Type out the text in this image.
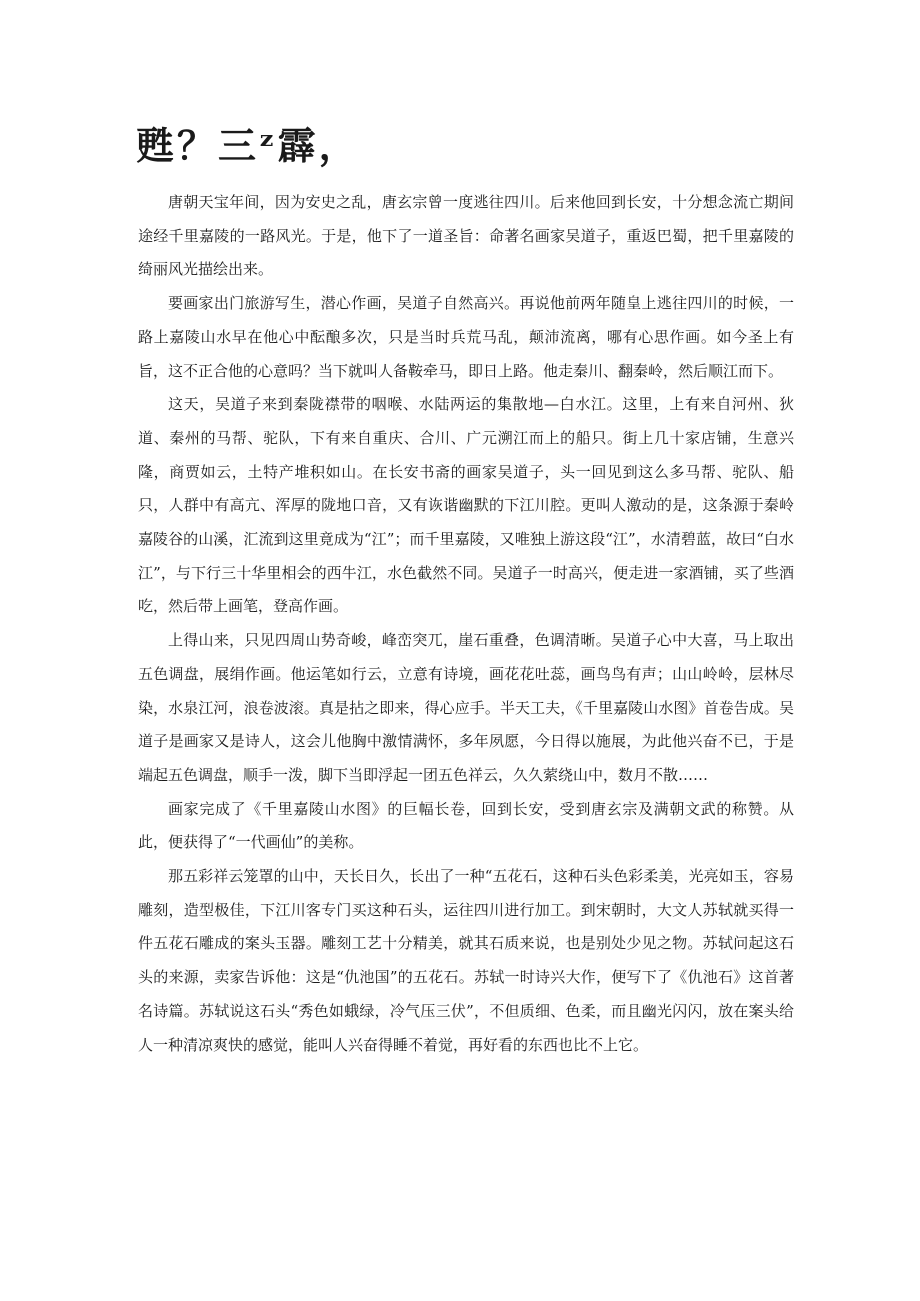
甦？三ᶻ霹，

唐朝天宝年间，因为安史之乱，唐玄宗曾一度逃往四川。后来他回到长安，十分想念流亡期间途经千里嘉陵的一路风光。于是，他下了一道圣旨：命著名画家吴道子，重返巴蜀，把千里嘉陵的绮丽风光描绘出来。

要画家出门旅游写生，潜心作画，吴道子自然高兴。再说他前两年随皇上逃往四川的时候，一路上嘉陵山水早在他心中酝酿多次，只是当时兵荒马乱，颠沛流离，哪有心思作画。如今圣上有旨，这不正合他的心意吗？当下就叫人备鞍牵马，即日上路。他走秦川、翻秦岭，然后顺江而下。

这天，吴道子来到秦陇襟带的咽喉、水陆两运的集散地—白水江。这里，上有来自河州、狄道、秦州的马帮、驼队，下有来自重庆、合川、广元溯江而上的船只。街上几十家店铺，生意兴隆，商贾如云，土特产堆积如山。在长安书斋的画家吴道子，头一回见到这么多马帮、驼队、船只，人群中有高亢、浑厚的陇地口音，又有诙谐幽默的下江川腔。更叫人激动的是，这条源于秦岭嘉陵谷的山溪，汇流到这里竟成为“江”；而千里嘉陵，又唯独上游这段“江”，水清碧蓝，故曰“白水江”，与下行三十华里相会的西牛江，水色截然不同。吴道子一时高兴，便走进一家酒铺，买了些酒吃，然后带上画笔，登高作画。

上得山来，只见四周山势奇峻，峰峦突兀，崖石重叠，色调清晰。吴道子心中大喜，马上取出五色调盘，展绢作画。他运笔如行云，立意有诗境，画花花吐蕊，画鸟鸟有声；山山岭岭，层林尽染，水泉江河，浪卷波滚。真是拈之即来，得心应手。半天工夫，《千里嘉陵山水图》首卷告成。吴道子是画家又是诗人，这会儿他胸中激情满怀，多年夙愿，今日得以施展，为此他兴奋不已，于是端起五色调盘，顺手一泼，脚下当即浮起一团五色祥云，久久萦绕山中，数月不散……

画家完成了《千里嘉陵山水图》的巨幅长卷，回到长安，受到唐玄宗及满朝文武的称赞。从此，便获得了“一代画仙”的美称。

那五彩祥云笼罩的山中，天长日久，长出了一种“五花石，这种石头色彩柔美，光亮如玉，容易雕刻，造型极佳，下江川客专门买这种石头，运往四川进行加工。到宋朝时，大文人苏轼就买得一件五花石雕成的案头玉器。雕刻工艺十分精美，就其石质来说，也是别处少见之物。苏轼问起这石头的来源，卖家告诉他：这是“仇池国”的五花石。苏轼一时诗兴大作，便写下了《仇池石》这首著名诗篇。苏轼说这石头“秀色如蛾绿，冷气压三伏”，不但质细、色柔，而且幽光闪闪，放在案头给人一种清凉爽快的感觉，能叫人兴奋得睡不着觉，再好看的东西也比不上它。
